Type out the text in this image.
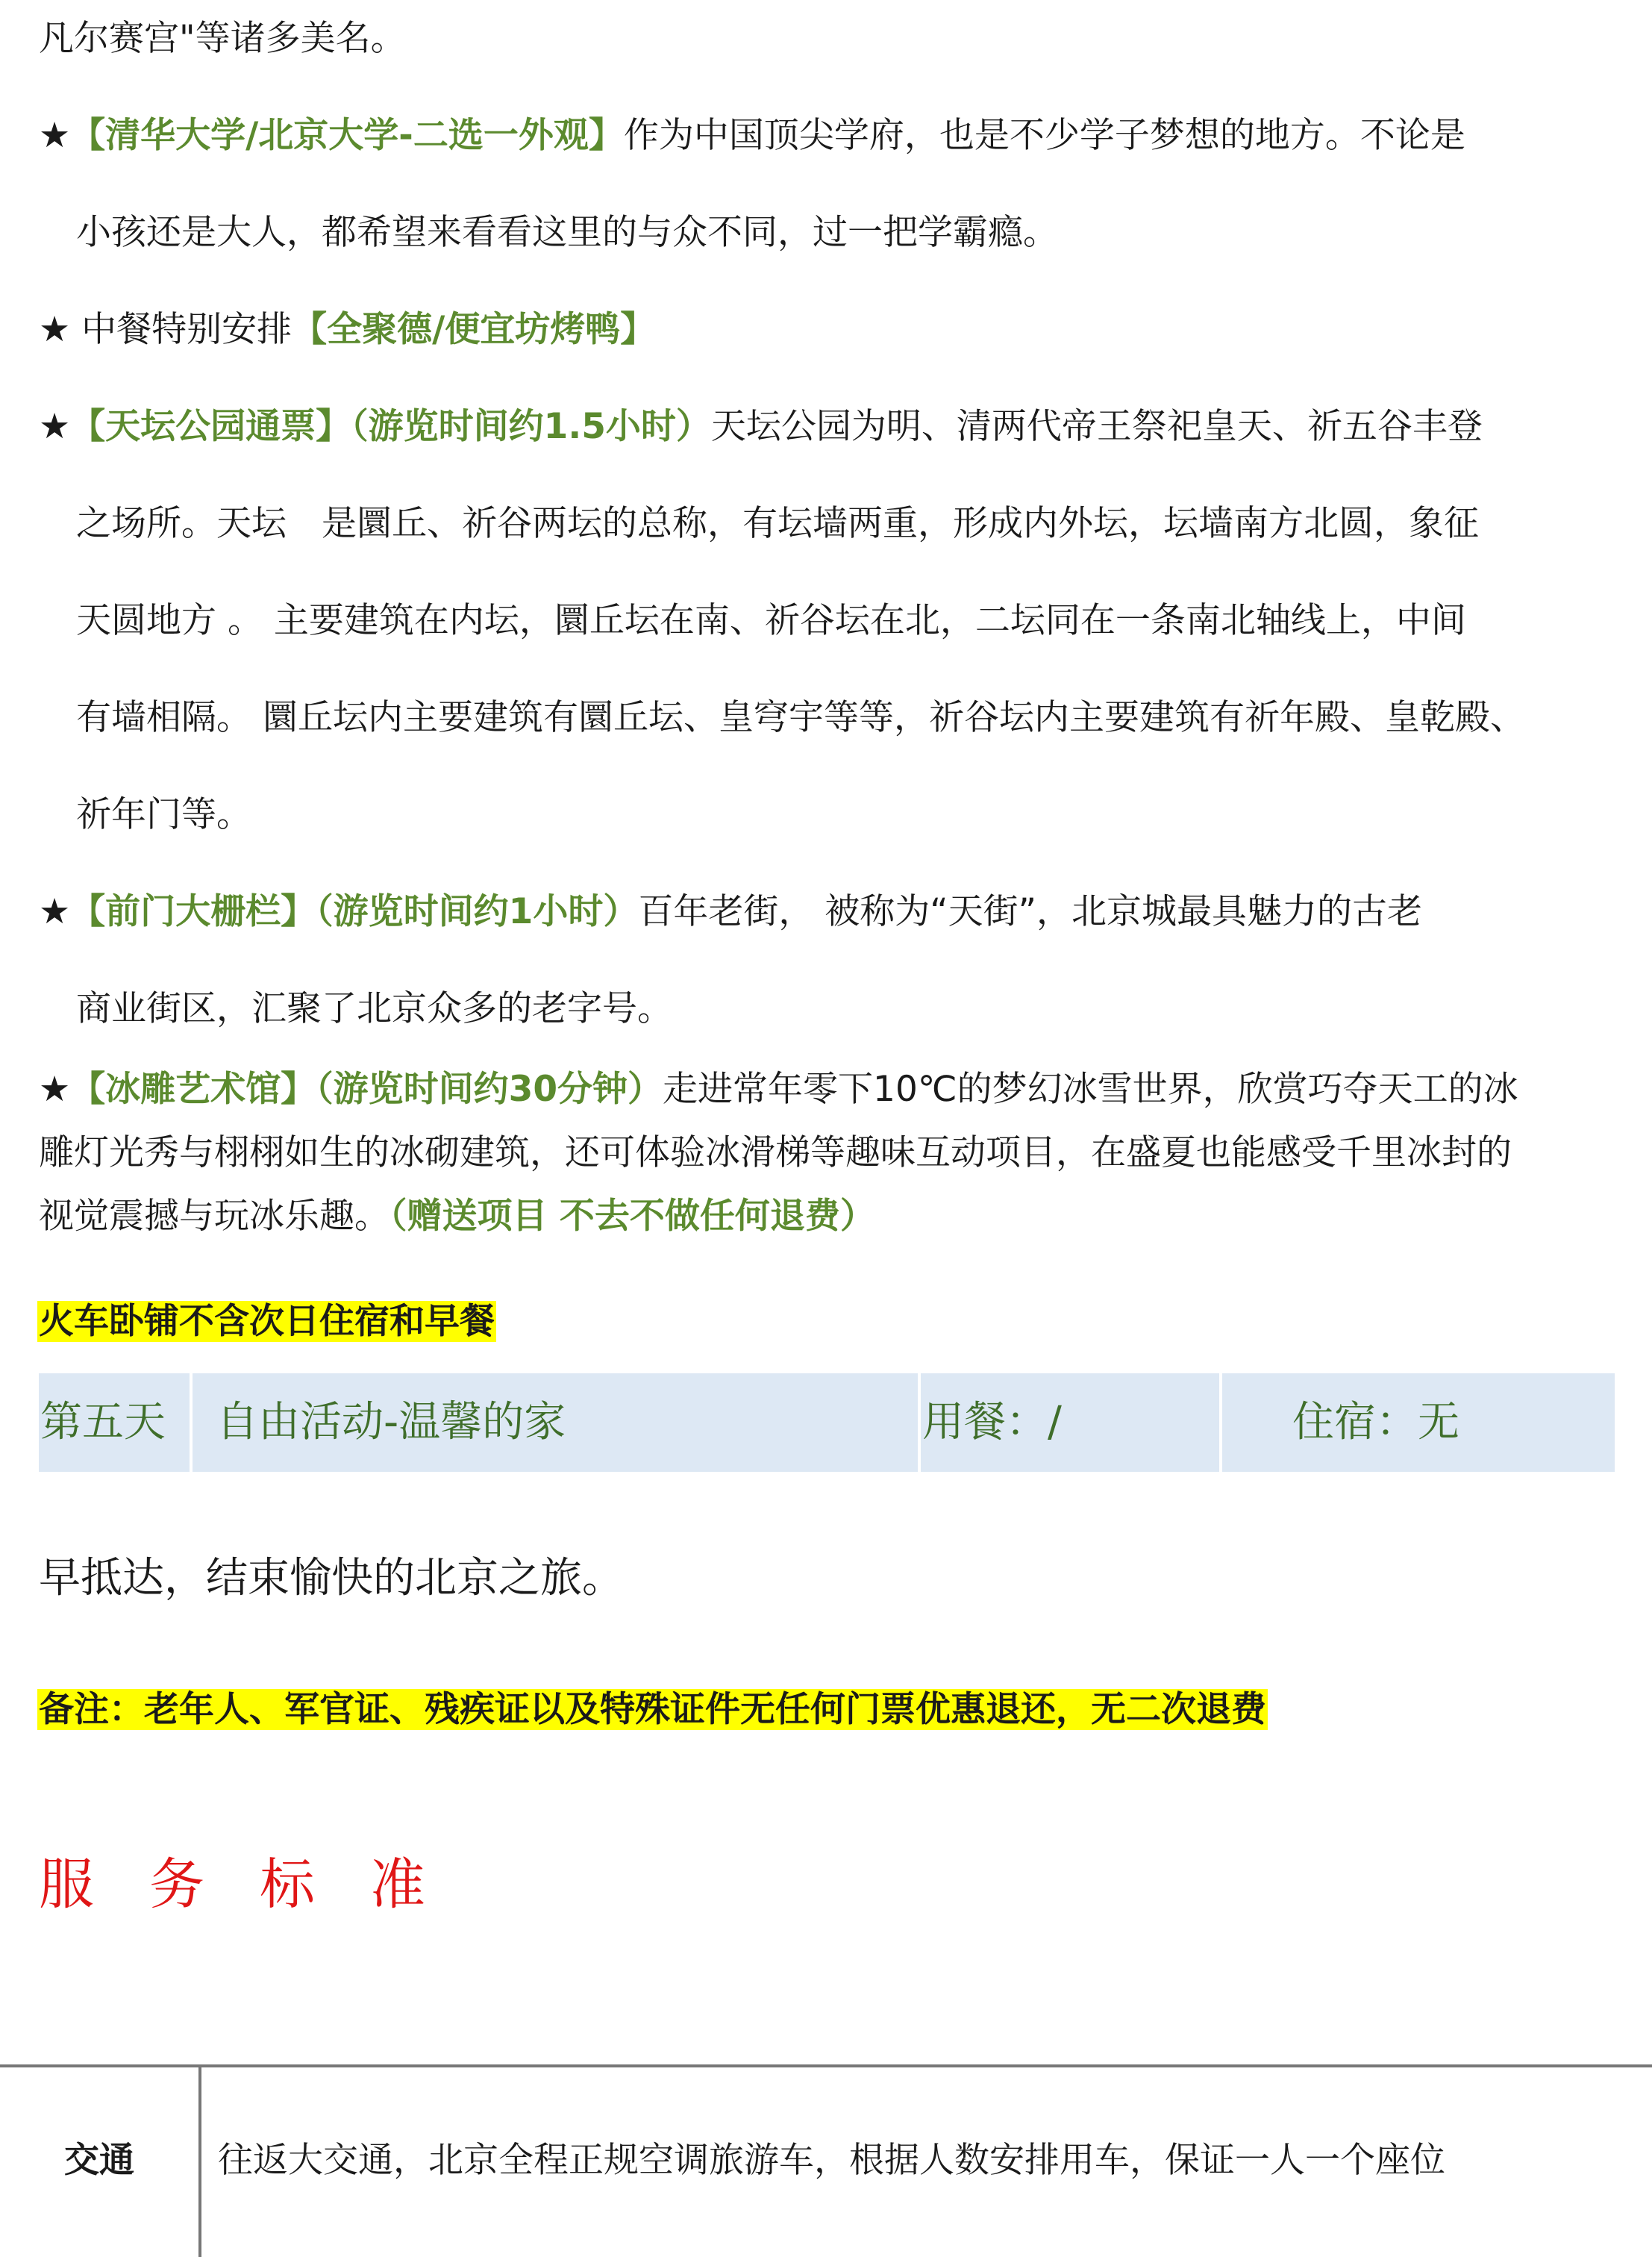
凡尔赛宫"等诸多美名。
★【清华大学/北京大学-二选一外观】作为中国顶尖学府，也是不少学子梦想的地方。不论是
小孩还是大人，都希望来看看这里的与众不同，过一把学霸瘾。
★ 中餐特别安排【全聚德/便宜坊烤鸭】
★【天坛公园通票】（游览时间约1.5小时）天坛公园为明、清两代帝王祭祀皇天、祈五谷丰登
之场所。天坛　是圜丘、祈谷两坛的总称，有坛墙两重，形成内外坛，坛墙南方北圆，象征
天圆地方 。 主要建筑在内坛，圜丘坛在南、祈谷坛在北，二坛同在一条南北轴线上，中间
有墙相隔。 圜丘坛内主要建筑有圜丘坛、皇穹宇等等，祈谷坛内主要建筑有祈年殿、皇乾殿、
祈年门等。
★【前门大栅栏】（游览时间约1小时）百年老街， 被称为“天街”，北京城最具魅力的古老
商业街区，汇聚了北京众多的老字号。
★【冰雕艺术馆】（游览时间约30分钟）走进常年零下10℃的梦幻冰雪世界，欣赏巧夺天工的冰
雕灯光秀与栩栩如生的冰砌建筑，还可体验冰滑梯等趣味互动项目，在盛夏也能感受千里冰封的
视觉震撼与玩冰乐趣。（赠送项目 不去不做任何退费）
火车卧铺不含次日住宿和早餐
第五天 自由活动-温馨的家	用餐：/	住宿：无
早抵达，结束愉快的北京之旅。
备注：老年人、军官证、残疾证以及特殊证件无任何门票优惠退还，无二次退费
服务标准
交通	往返大交通，北京全程正规空调旅游车，根据人数安排用车，保证一人一个座位
